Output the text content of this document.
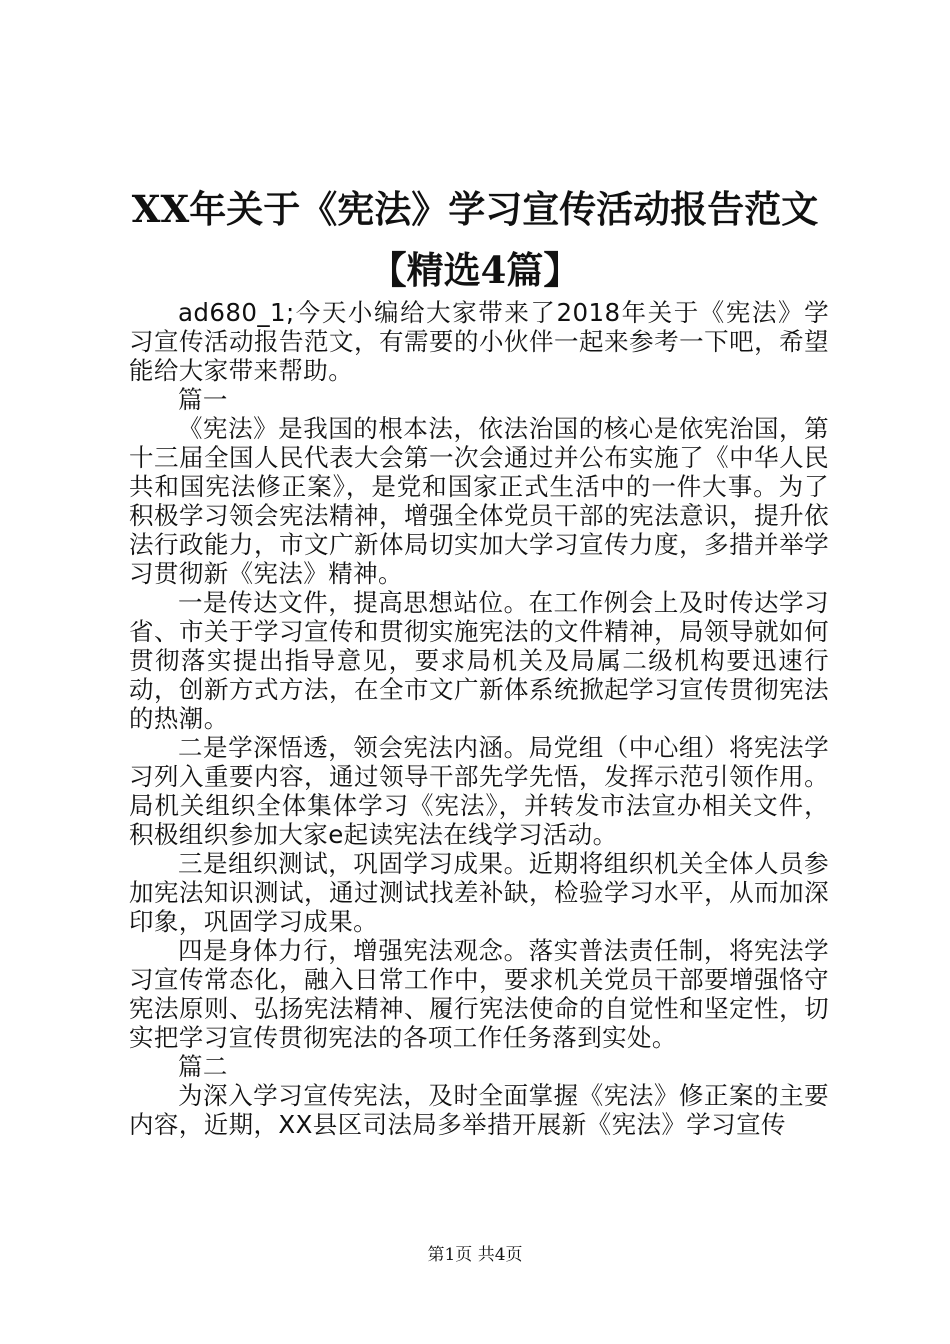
XX年关于《宪法》学习宣传活动报告范文
【精选4篇】

ad680_1;今天小编给大家带来了2018年关于《宪法》学习宣传活动报告范文，有需要的小伙伴一起来参考一下吧，希望能给大家带来帮助。

篇一

《宪法》是我国的根本法，依法治国的核心是依宪治国，第十三届全国人民代表大会第一次会通过并公布实施了《中华人民共和国宪法修正案》，是党和国家正式生活中的一件大事。为了积极学习领会宪法精神，增强全体党员干部的宪法意识，提升依法行政能力，市文广新体局切实加大学习宣传力度，多措并举学习贯彻新《宪法》精神。

一是传达文件，提高思想站位。在工作例会上及时传达学习省、市关于学习宣传和贯彻实施宪法的文件精神，局领导就如何贯彻落实提出指导意见，要求局机关及局属二级机构要迅速行动，创新方式方法，在全市文广新体系统掀起学习宣传贯彻宪法的热潮。

二是学深悟透，领会宪法内涵。局党组（中心组）将宪法学习列入重要内容，通过领导干部先学先悟，发挥示范引领作用。局机关组织全体集体学习《宪法》，并转发市法宣办相关文件，积极组织参加大家e起读宪法在线学习活动。

三是组织测试，巩固学习成果。近期将组织机关全体人员参加宪法知识测试，通过测试找差补缺，检验学习水平，从而加深印象，巩固学习成果。

四是身体力行，增强宪法观念。落实普法责任制，将宪法学习宣传常态化，融入日常工作中，要求机关党员干部要增强恪守宪法原则、弘扬宪法精神、履行宪法使命的自觉性和坚定性，切实把学习宣传贯彻宪法的各项工作任务落到实处。

篇二

为深入学习宣传宪法，及时全面掌握《宪法》修正案的主要内容，近期，XX县区司法局多举措开展新《宪法》学习宣传

第1页 共4页
